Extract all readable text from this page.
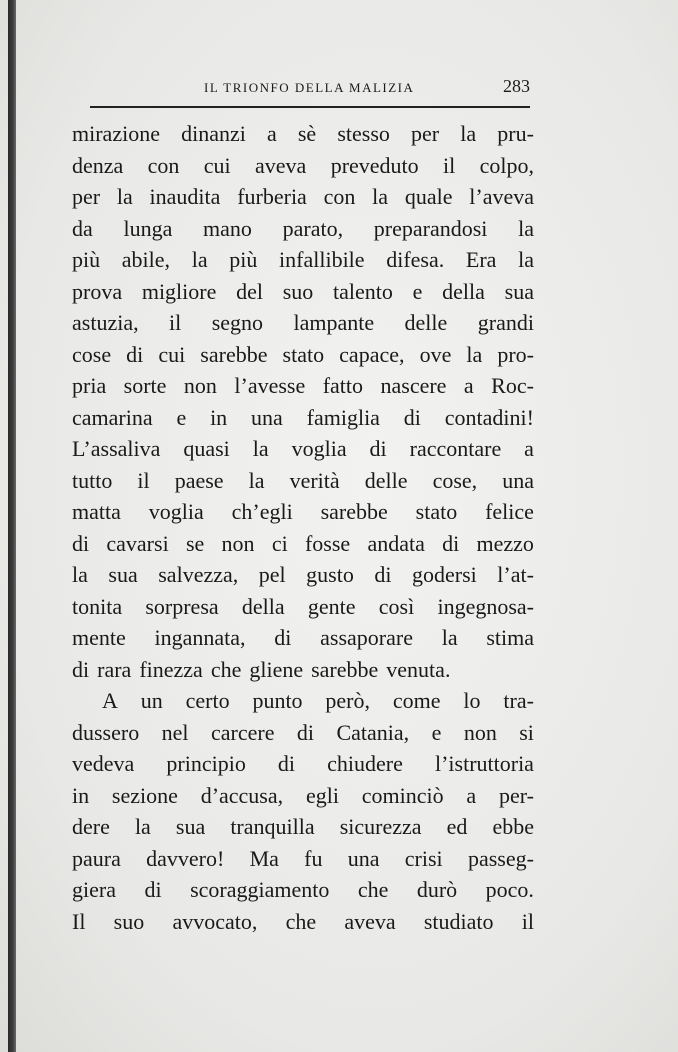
IL TRIONFO DELLA MALIZIA	283
mirazione dinanzi a sè stesso per la pru-
denza con cui aveva preveduto il colpo,
per la inaudita furberia con la quale l’aveva
da lunga mano parato, preparandosi la
più abile, la più infallibile difesa. Era la
prova migliore del suo talento e della sua
astuzia, il segno lampante delle grandi
cose di cui sarebbe stato capace, ove la pro-
pria sorte non l’avesse fatto nascere a Roc-
camarina e in una famiglia di contadini!
L’assaliva quasi la voglia di raccontare a
tutto il paese la verità delle cose, una
matta voglia ch’egli sarebbe stato felice
di cavarsi se non ci fosse andata di mezzo
la sua salvezza, pel gusto di godersi l’at-
tonita sorpresa della gente così ingegnosa-
mente ingannata, di assaporare la stima
di rara finezza che gliene sarebbe venuta.
A un certo punto però, come lo tra-
dussero nel carcere di Catania, e non si
vedeva principio di chiudere l’istruttoria
in sezione d’accusa, egli cominciò a per-
dere la sua tranquilla sicurezza ed ebbe
paura davvero! Ma fu una crisi passeg-
giera di scoraggiamento che durò poco.
Il suo avvocato, che aveva studiato il
